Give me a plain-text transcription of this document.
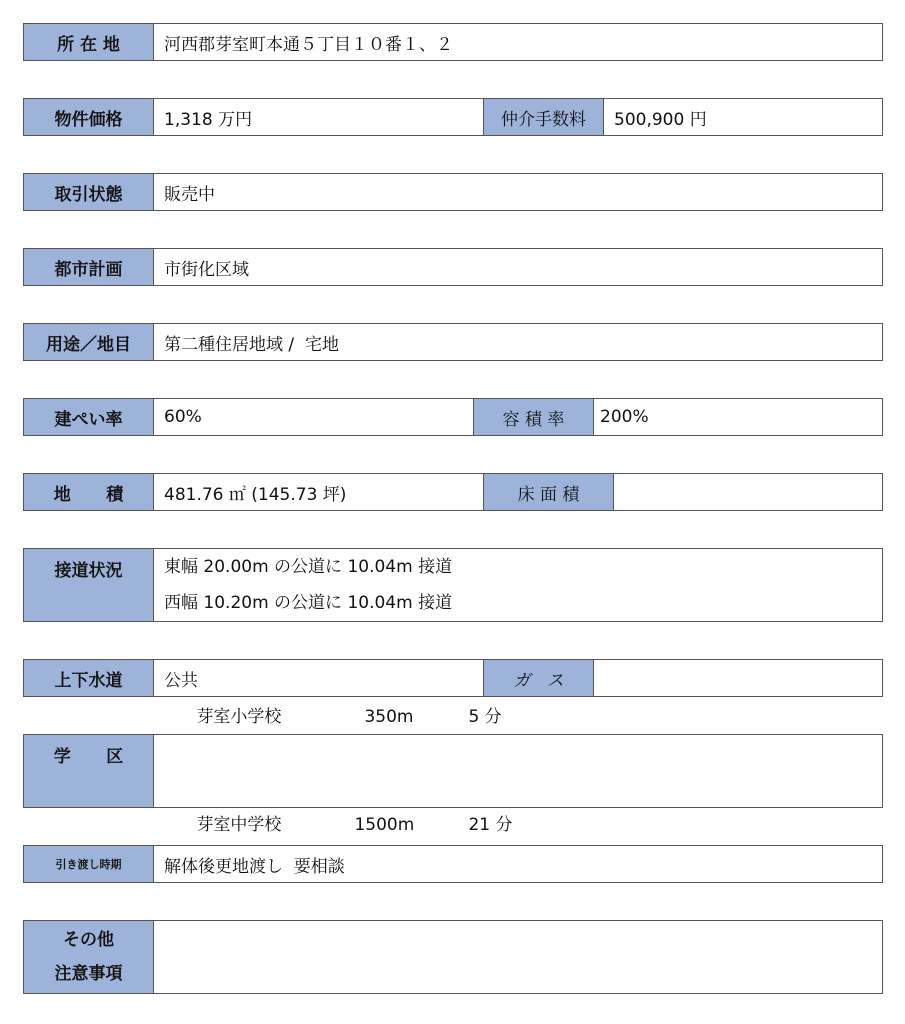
所 在 地	河西郡芽室町本通５丁目１０番１、２
物件価格	1,318 万円	仲介手数料	500,900 円
取引状態	販売中
都市計画	市街化区域
用途／地目	第二種住居地域 /  宅地
建ぺい率	60%	容 積 率	200%
地      積	481.76 ㎡ (145.73 坪)	床 面 積
接道状況	東幅 20.00m の公道に 10.04m 接道
西幅 10.20m の公道に 10.04m 接道
上下水道	公共	ガ   ス
学      区

芽室小学校	350m	5 分

芽室中学校	1500m	21 分

引き渡し時期	解体後更地渡し  要相談
その他
注意事項
